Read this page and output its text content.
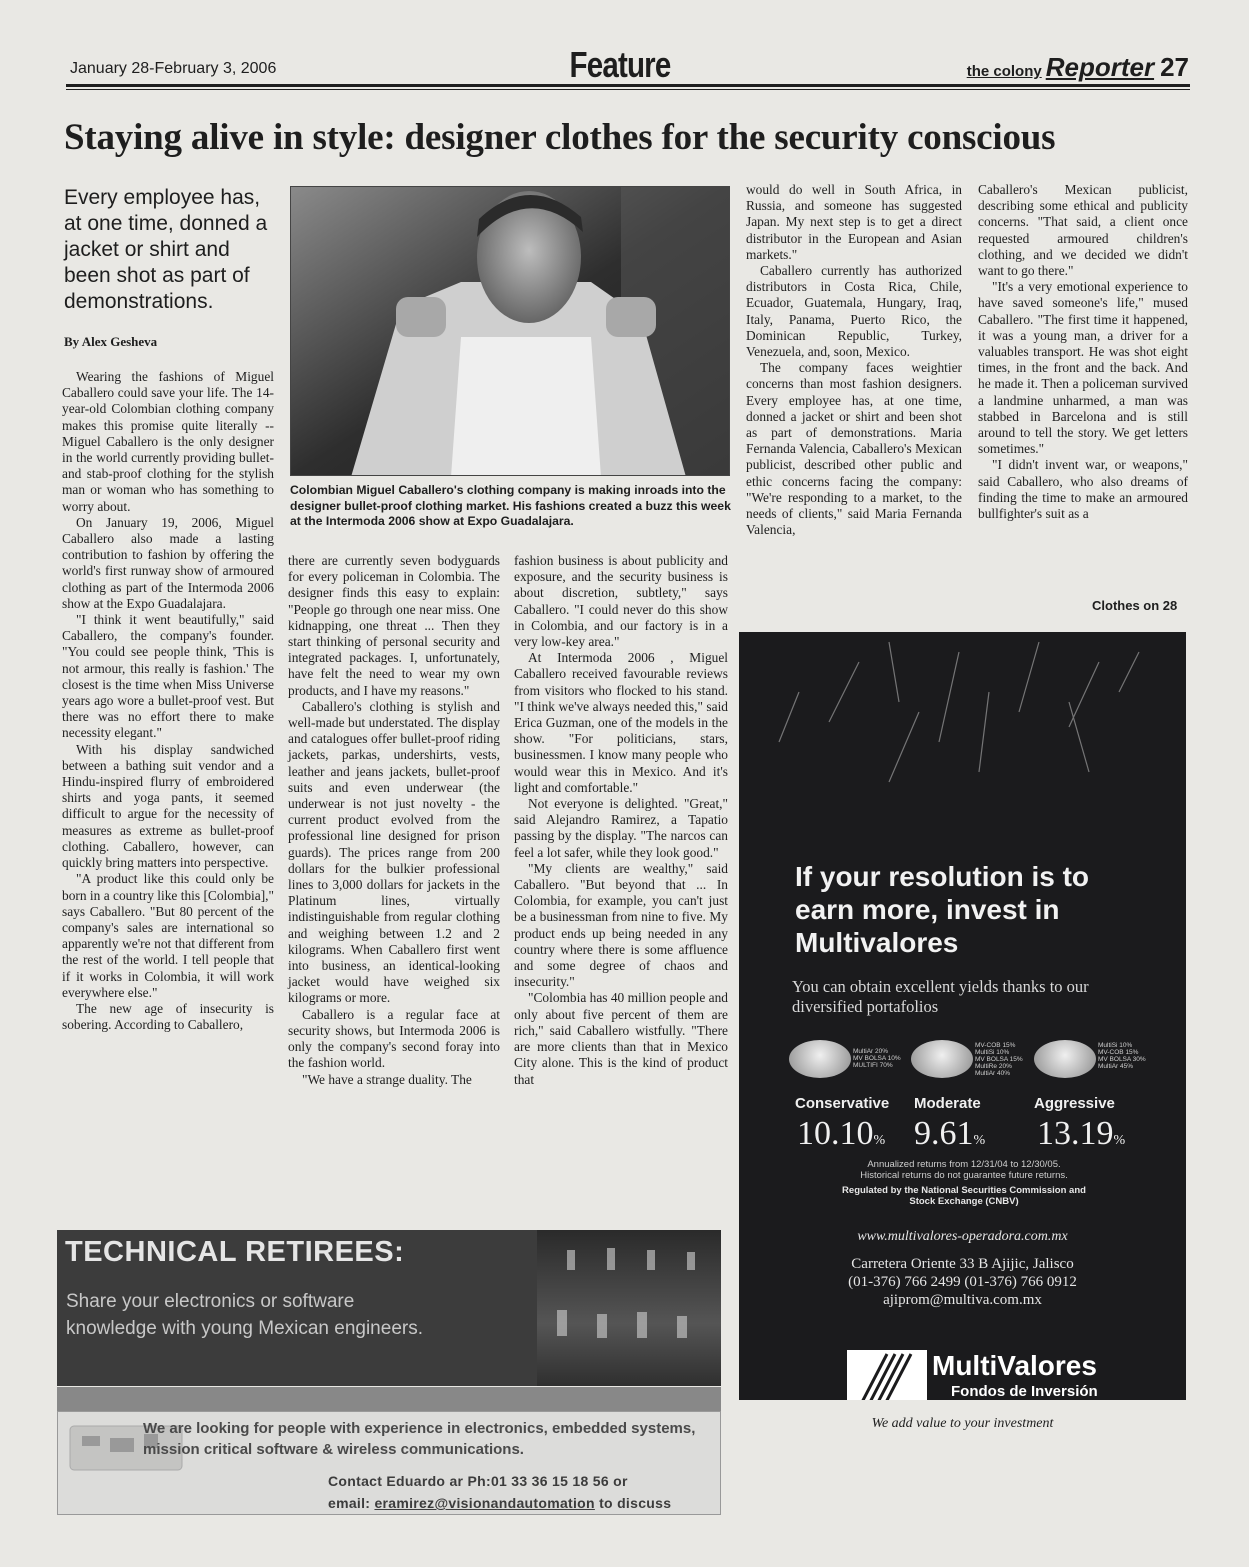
January 28-February 3, 2006	Feature	the colony Reporter 27
Staying alive in style: designer clothes for the security conscious
Every employee has, at one time, donned a jacket or shirt and been shot as part of demonstrations.
By Alex Gesheva
Colombian Miguel Caballero's clothing company is making inroads into the designer bullet-proof clothing market. His fashions created a buzz this week at the Intermoda 2006 show at Expo Guadalajara.

Wearing the fashions of Miguel Caballero could save your life. The 14-year-old Colombian clothing company makes this promise quite literally -- Miguel Caballero is the only designer in the world currently providing bullet- and stab-proof clothing for the stylish man or woman who has something to worry about.

On January 19, 2006, Miguel Caballero also made a lasting contribution to fashion by offering the world's first runway show of armoured clothing as part of the Intermoda 2006 show at the Expo Guadalajara.

"I think it went beautifully," said Caballero, the company's founder. "You could see people think, 'This is not armour, this really is fashion.' The closest is the time when Miss Universe years ago wore a bullet-proof vest. But there was no effort there to make necessity elegant."

With his display sandwiched between a bathing suit vendor and a Hindu-inspired flurry of embroidered shirts and yoga pants, it seemed difficult to argue for the necessity of measures as extreme as bullet-proof clothing. Caballero, however, can quickly bring matters into perspective.

"A product like this could only be born in a country like this [Colombia]," says Caballero. "But 80 percent of the company's sales are international so apparently we're not that different from the rest of the world. I tell people that if it works in Colombia, it will work everywhere else."

The new age of insecurity is sobering. According to Caballero,

there are currently seven bodyguards for every policeman in Colombia. The designer finds this easy to explain: "People go through one near miss. One kidnapping, one threat ... Then they start thinking of personal security and integrated packages. I, unfortunately, have felt the need to wear my own products, and I have my reasons."

Caballero's clothing is stylish and well-made but understated. The display and catalogues offer bullet-proof riding jackets, parkas, undershirts, vests, leather and jeans jackets, bullet-proof suits and even underwear (the underwear is not just novelty - the current product evolved from the professional line designed for prison guards). The prices range from 200 dollars for the bulkier professional lines to 3,000 dollars for jackets in the Platinum lines, virtually indistinguishable from regular clothing and weighing between 1.2 and 2 kilograms. When Caballero first went into business, an identical-looking jacket would have weighed six kilograms or more.

Caballero is a regular face at security shows, but Intermoda 2006 is only the company's second foray into the fashion world.

"We have a strange duality. The

fashion business is about publicity and exposure, and the security business is about discretion, subtlety," says Caballero. "I could never do this show in Colombia, and our factory is in a very low-key area."

At Intermoda 2006 , Miguel Caballero received favourable reviews from visitors who flocked to his stand. "I think we've always needed this," said Erica Guzman, one of the models in the show. "For politicians, stars, businessmen. I know many people who would wear this in Mexico. And it's light and comfortable."

Not everyone is delighted. "Great," said Alejandro Ramirez, a Tapatio passing by the display. "The narcos can feel a lot safer, while they look good."

"My clients are wealthy," said Caballero. "But beyond that ... In Colombia, for example, you can't just be a businessman from nine to five. My product ends up being needed in any country where there is some affluence and some degree of chaos and insecurity."

"Colombia has 40 million people and only about five percent of them are rich," said Caballero wistfully. "There are more clients than that in Mexico City alone. This is the kind of product that

would do well in South Africa, in Russia, and someone has suggested Japan. My next step is to get a direct distributor in the European and Asian markets."

Caballero currently has authorized distributors in Costa Rica, Chile, Ecuador, Guatemala, Hungary, Iraq, Italy, Panama, Puerto Rico, the Dominican Republic, Turkey, Venezuela, and, soon, Mexico.

The company faces weightier concerns than most fashion designers. Every employee has, at one time, donned a jacket or shirt and been shot as part of demonstrations. Maria Fernanda Valencia, Caballero's Mexican publicist, described other public and ethic concerns facing the company: "We're responding to a market, to the needs of clients," said Maria Fernanda Valencia,

Caballero's Mexican publicist, describing some ethical and publicity concerns. "That said, a client once requested armoured children's clothing, and we decided we didn't want to go there."

"It's a very emotional experience to have saved someone's life," mused Caballero. "The first time it happened, it was a young man, a driver for a valuables transport. He was shot eight times, in the front and the back. And he made it. Then a policeman survived a landmine unharmed, a man was stabbed in Barcelona and is still around to tell the story. We get letters sometimes."

"I didn't invent war, or weapons," said Caballero, who also dreams of finding the time to make an armoured bullfighter's suit as a

Clothes on 28
If your resolution is to earn more, invest in Multivalores
You can obtain excellent yields thanks to our diversified portafolios
MultiAr 20%
MV BOLSA 10%
MULTIFI 70%
MV-COB 15%
MultiSi 10%
MV BOLSA 15%
MultiRe 20%
MultiAr 40%
MultiSi 10%
MV-COB 15%
MV BOLSA 30%
MultiAr 45%
Conservative Moderate	Aggressive
10.10% 9.61% 13.19%
Annualized returns from 12/31/04 to 12/30/05.
Historical returns do not guarantee future returns.
Regulated by the National Securities Commission and Stock Exchange (CNBV)
www.multivalores-operadora.com.mx
Carretera Oriente 33 B Ajijic, Jalisco
(01-376) 766 2499 (01-376) 766 0912
ajiprom@multiva.com.mx
MultiValores
Fondos de Inversión
We add value to your investment
TECHNICAL RETIREES:
Share your electronics or software
knowledge with young Mexican engineers.
We are looking for people with experience in electronics, embedded systems, mission critical software & wireless communications.
Contact Eduardo ar Ph:01 33 36 15 18 56 or
email: eramirez@visionandautomation to discuss
